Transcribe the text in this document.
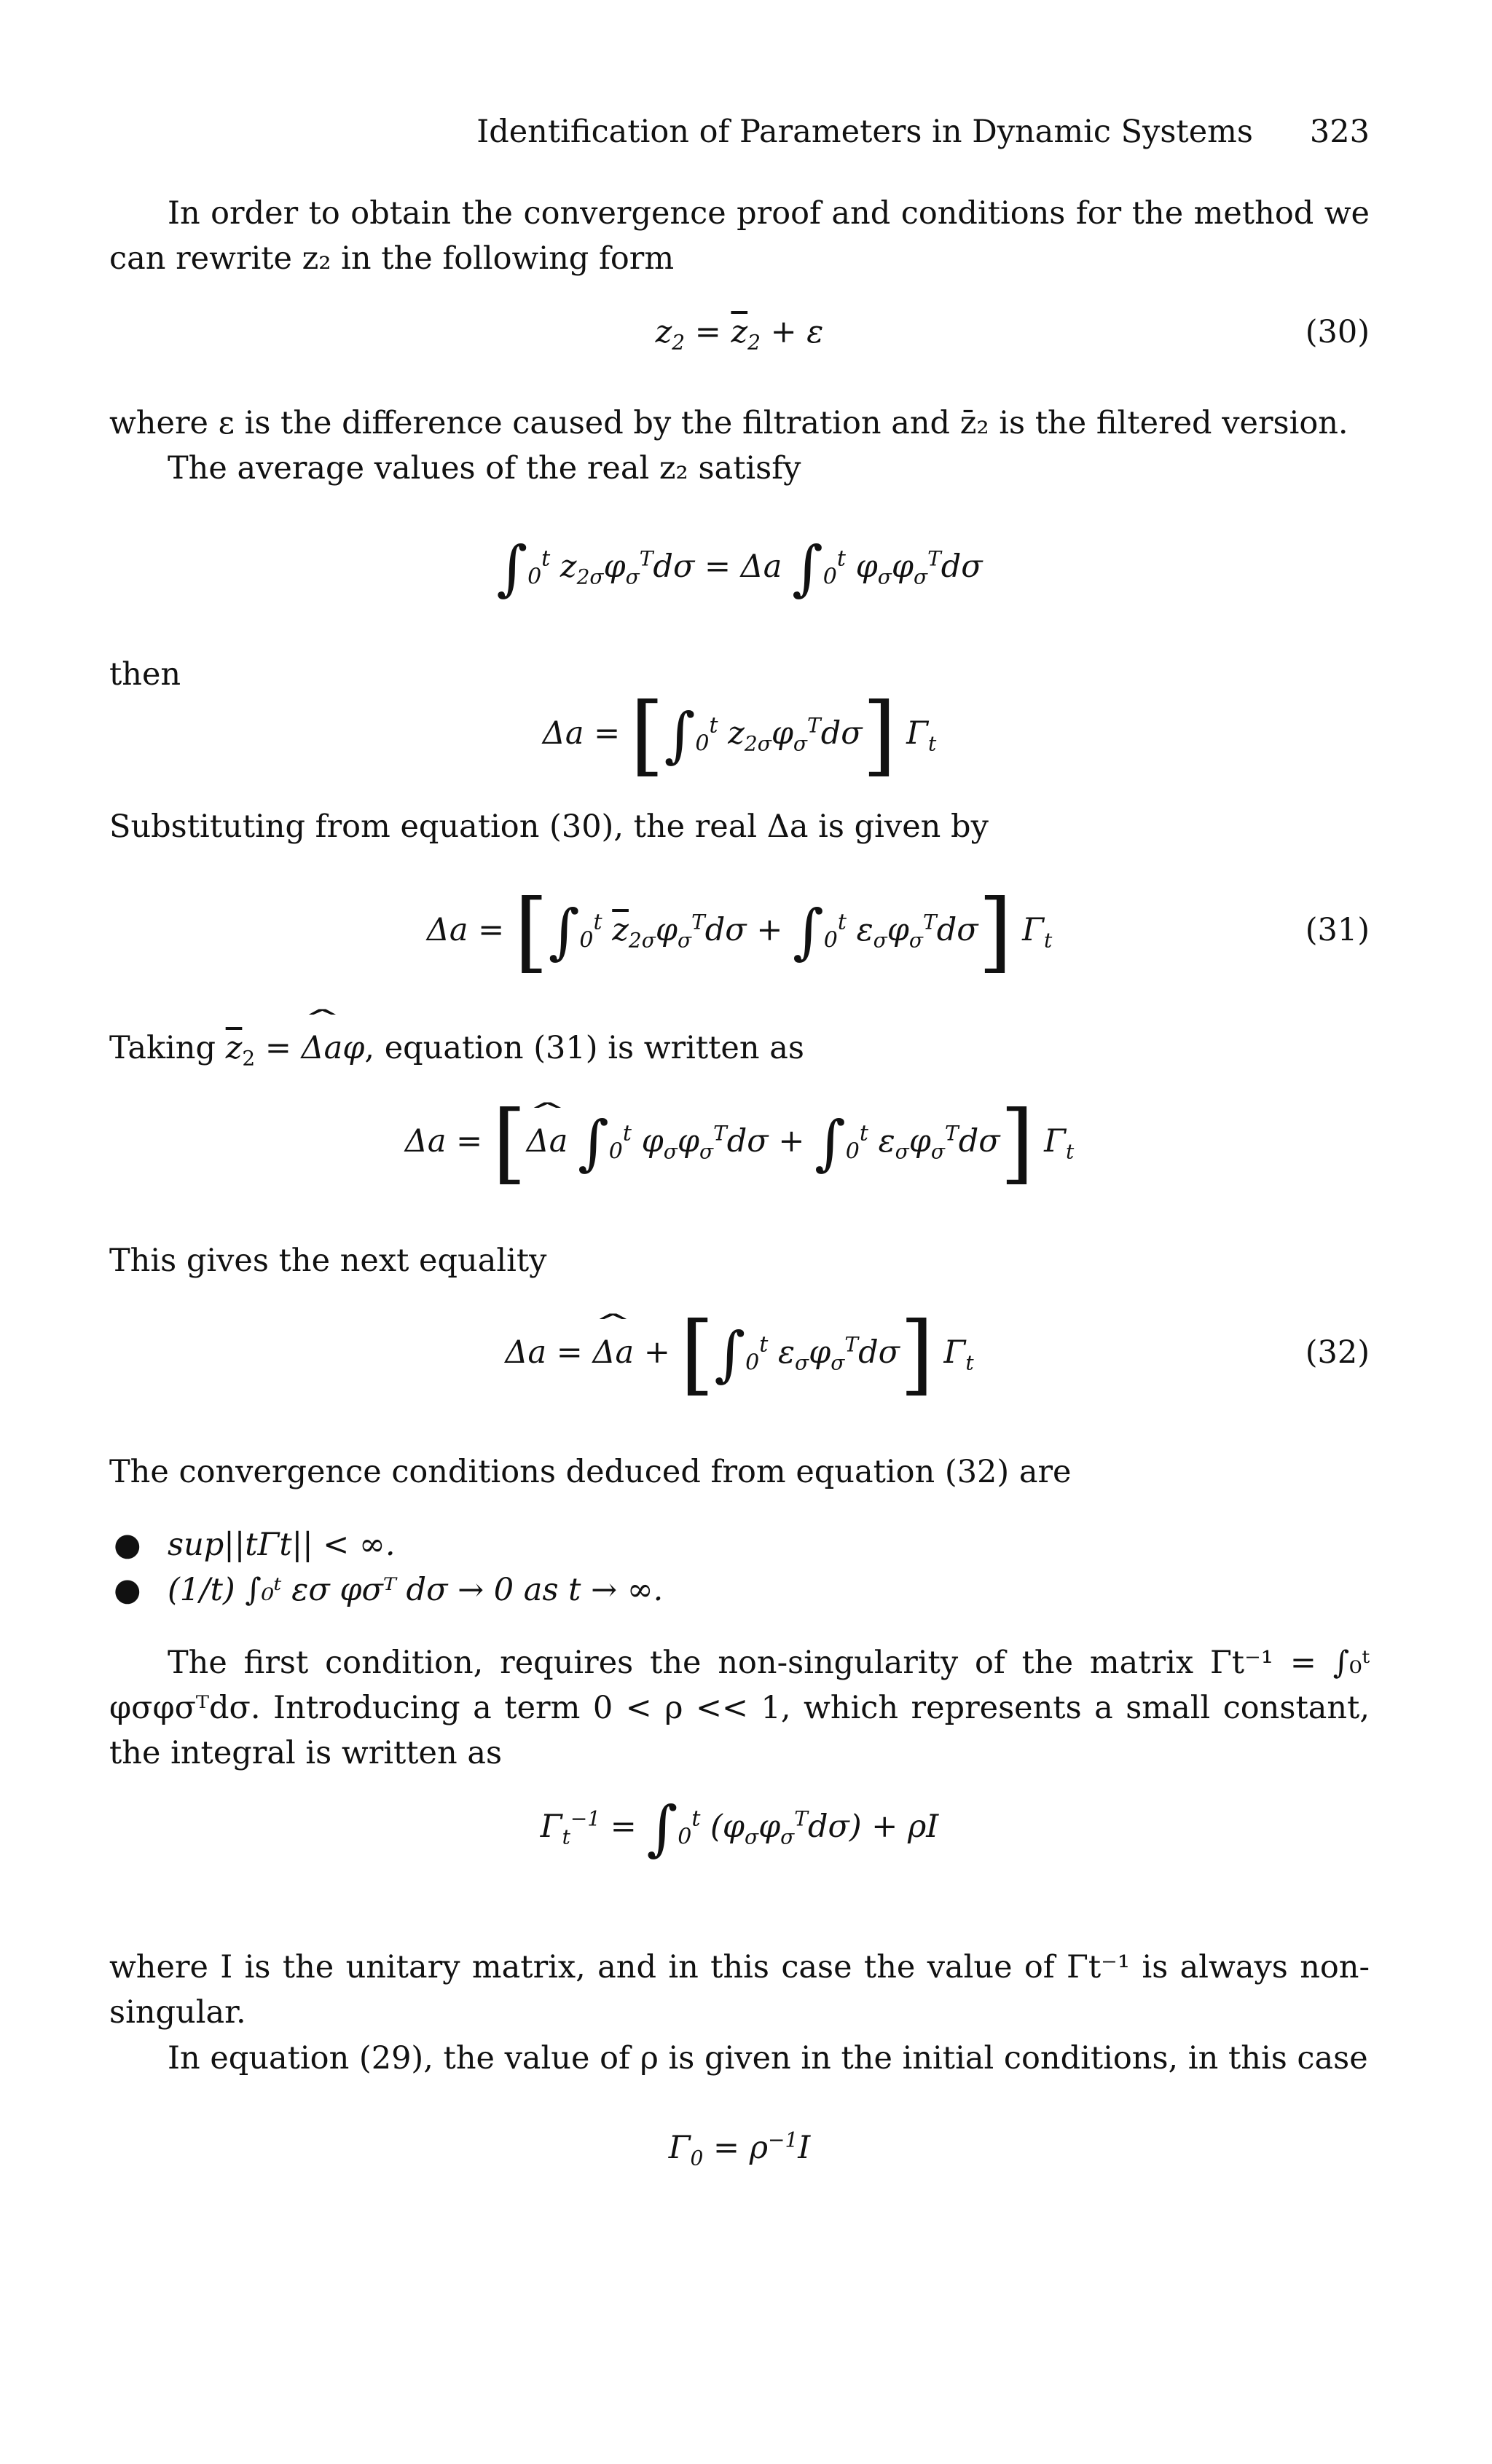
Identification of Parameters in Dynamic Systems 323
In order to obtain the convergence proof and conditions for the method we can rewrite z₂ in the following form
$z_2 = \overline{z}_2 + \varepsilon$	(30)
where ε is the difference caused by the filtration and z̄₂ is the filtered version.
The average values of the real z₂ satisfy
$\int_0^t$ $z_{2\sigma}\varphi_\sigma^Td\sigma = \Delta a$ $\int_0^t$ $\varphi_\sigma\varphi_\sigma^Td\sigma$
then
$\Delta a = [\int_0^t$ $z_{2\sigma}\varphi_\sigma^Td\sigma$] $\Gamma_t$
Substituting from equation (30), the real Δa is given by
$\Delta a = [\int_0^t$ $\overline{z}_{2\sigma}\varphi_\sigma^Td\sigma + \int_0^t$ $\varepsilon_\sigma\varphi_\sigma^Td\sigma$] $\Gamma_t$	(31)
Taking $\overline{z}_2$ = ˆ Δaφ, equation (31) is written as
Δa = [ˆ Δa $\int_0^t$ $\varphi_\sigma\varphi_\sigma^Td\sigma + \int_0^t$ $\varepsilon_\sigma\varphi_\sigma^Td\sigma$] $\Gamma_t$
This gives the next equality
Δa = ˆ $\Delta a + [\int_0^t$ $\varepsilon_\sigma\varphi_\sigma^Td\sigma$] $\Gamma_t$	(32)
The convergence conditions deduced from equation (32) are
● sup||tΓt|| < ∞.
● (1/t) ∫₀ᵗ εσ φσᵀ dσ → 0 as t → ∞.
The first condition, requires the non-singularity of the matrix Γt⁻¹ = ∫₀ᵗ φσφσᵀdσ. Introducing a term 0 < ρ << 1, which represents a small constant, the integral is written as
$\Gamma_t^{-1} = \int_0^t$ $(\varphi_\sigma\varphi_\sigma^Td\sigma) + \rho I$
where I is the unitary matrix, and in this case the value of Γt⁻¹ is always non-singular.
In equation (29), the value of ρ is given in the initial conditions, in this case
$\Gamma_0 = \rho^{-1}I$
